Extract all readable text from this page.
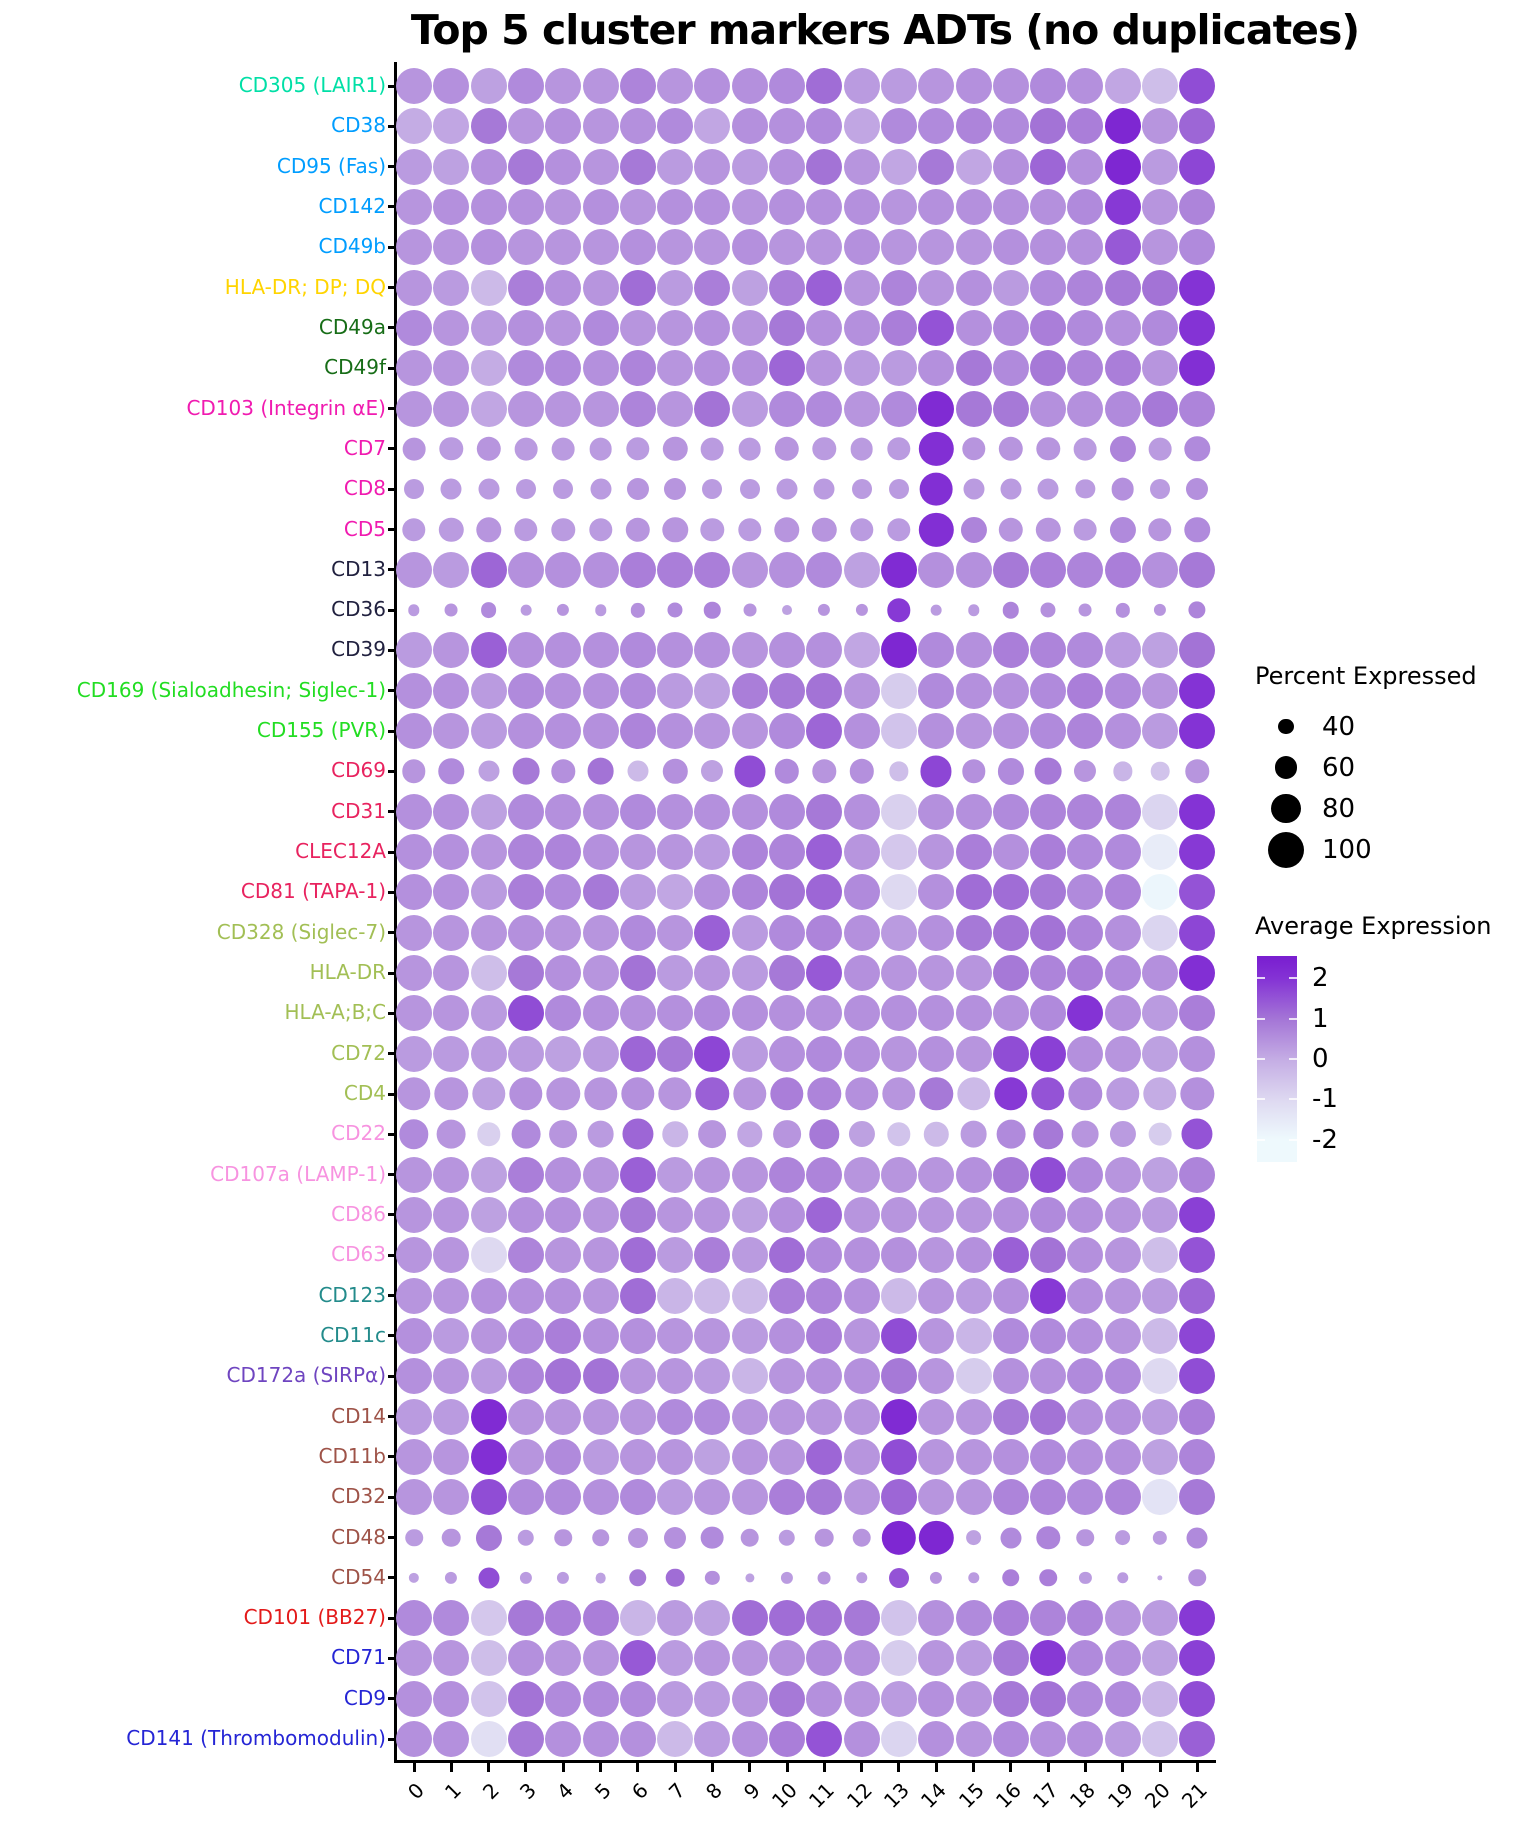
Top 5 cluster markers ADTs (no duplicates)
CD305 (LAIR1)
CD38
CD95 (Fas)
CD142
CD49b
HLA-DR; DP; DQ
CD49a
CD49f
CD103 (Integrin αE)
CD7
CD8
CD5
CD13
CD36
CD39
CD169 (Sialoadhesin; Siglec-1)
CD155 (PVR)
CD69
CD31
CLEC12A
CD81 (TAPA-1)
CD328 (Siglec-7)
HLA-DR
HLA-A;B;C
CD72
CD4
CD22
CD107a (LAMP-1)
CD86
CD63
CD123
CD11c
CD172a (SIRPα)
CD14
CD11b
CD32
CD48
CD54
CD101 (BB27)
CD71
CD9
CD141 (Thrombomodulin)
0 1 2 3 4 5 6 7 8 9 10 11 12 13 14 15 16 17 18 19 20 21
Percent Expressed
40
60
80
100
Average Expression
2
1
0
-1
-2
